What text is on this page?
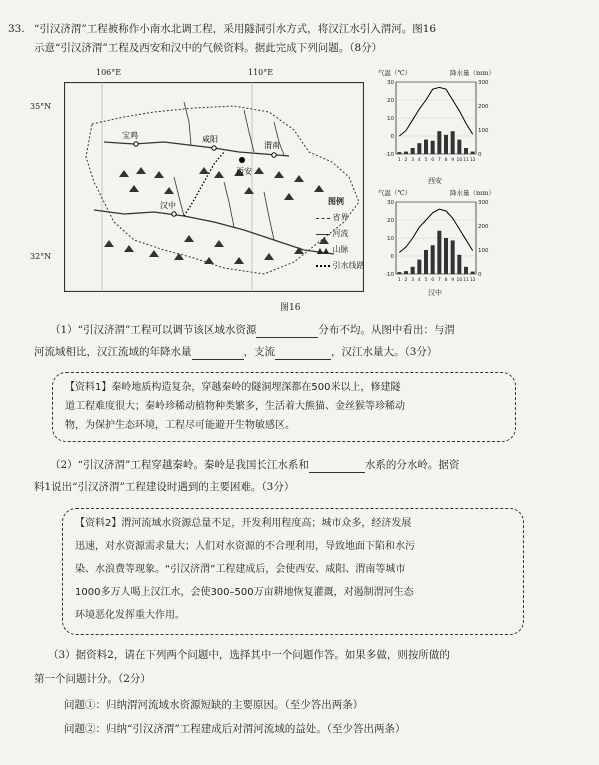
33. “引汉济渭”工程被称作小南水北调工程，采用隧洞引水方式，将汉江水引入渭河。图16
示意“引汉济渭”工程及西安和汉中的气候资料。据此完成下列问题。（8分）
106°E	110°E
35°N
32°N
宝鸡	咸阳
渭南
西安
汉中	图例
省界
河流
▲▲ 山脉
引水线路
图16
气温（℃）	降水量（mm）
30
20
10
0
-10
300
200
100
0
1 2 3 4 5 6 7 8 9 10 11 12
西安
气温（℃）	降水量（mm）
30
20
10
0
-10
300
200
100
0
1 2 3 4 5 6 7 8 9 10 11 12
汉中
（1）“引汉济渭”工程可以调节该区域水资源	分布不均。从图中看出：与渭
河流域相比，汉江流域的年降水量	，支流	，汉江水量大。（3分）
【资料1】秦岭地质构造复杂，穿越秦岭的隧洞埋深都在500米以上，修建隧
道工程难度很大；秦岭珍稀动植物种类繁多，生活着大熊猫、金丝猴等珍稀动
物，为保护生态环境，工程尽可能避开生物敏感区。
（2）“引汉济渭”工程穿越秦岭。秦岭是我国长江水系和	水系的分水岭。据资
料1说出“引汉济渭”工程建设时遇到的主要困难。（3分）
【资料2】渭河流域水资源总量不足，开发利用程度高；城市众多，经济发展
迅速，对水资源需求量大；人们对水资源的不合理利用，导致地面下陷和水污
染、水浪费等现象。“引汉济渭”工程建成后，会使西安、咸阳、渭南等城市
1000多万人喝上汉江水，会使300–500万亩耕地恢复灌溉，对遏制渭河生态
环境恶化发挥重大作用。
（3）据资料2，请在下列两个问题中，选择其中一个问题作答。如果多做，则按所做的
第一个问题计分。（2分）
问题①：归纳渭河流域水资源短缺的主要原因。（至少答出两条）
问题②：归纳“引汉济渭”工程建成后对渭河流域的益处。（至少答出两条）
